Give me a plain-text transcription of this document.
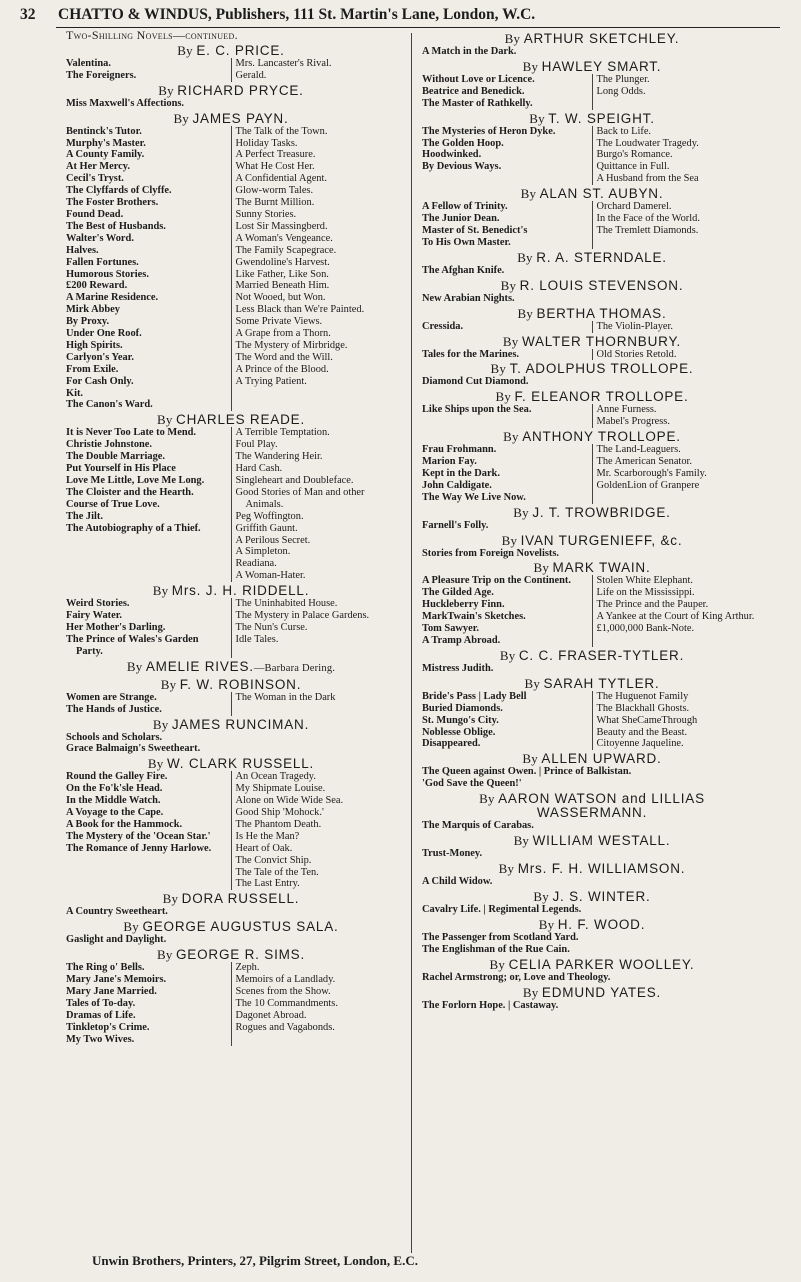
32 CHATTO & WINDUS, Publishers, 111 St. Martin's Lane, London, W.C.
Two-Shilling Novels—continued.
By E. C. PRICE.
Valentina.
The Foreigners.
Mrs. Lancaster's Rival.
Gerald.
By RICHARD PRYCE.
Miss Maxwell's Affections.
By JAMES PAYN.
Bentinck's Tutor.
Murphy's Master.
A County Family.
At Her Mercy.
Cecil's Tryst.
The Clyffards of Clyffe.
The Foster Brothers.
Found Dead.
The Best of Husbands.
Walter's Word.
Halves.
Fallen Fortunes.
Humorous Stories.
£200 Reward.
A Marine Residence.
Mirk Abbey
By Proxy.
Under One Roof.
High Spirits.
Carlyon's Year.
From Exile.
For Cash Only.
Kit.
The Canon's Ward.
The Talk of the Town.
Holiday Tasks.
A Perfect Treasure.
What He Cost Her.
A Confidential Agent.
Glow-worm Tales.
The Burnt Million.
Sunny Stories.
Lost Sir Massingberd.
A Woman's Vengeance.
The Family Scapegrace.
Gwendoline's Harvest.
Like Father, Like Son.
Married Beneath Him.
Not Wooed, but Won.
Less Black than We're Painted.
Some Private Views.
A Grape from a Thorn.
The Mystery of Mirbridge.
The Word and the Will.
A Prince of the Blood.
A Trying Patient.
By CHARLES READE.
It is Never Too Late to Mend.
Christie Johnstone.
The Double Marriage.
Put Yourself in His Place
Love Me Little, Love Me Long.
The Cloister and the Hearth.
Course of True Love.
The Jilt.
The Autobiography of a Thief.
A Terrible Temptation.
Foul Play.
The Wandering Heir.
Hard Cash.
Singleheart and Doubleface.
Good Stories of Man and other Animals.
Peg Woffington.
Griffith Gaunt.
A Perilous Secret.
A Simpleton.
Readiana.
A Woman-Hater.
By Mrs. J. H. RIDDELL.
Weird Stories.
Fairy Water.
Her Mother's Darling.
The Prince of Wales's Garden Party.
The Uninhabited House.
The Mystery in Palace Gardens.
The Nun's Curse.
Idle Tales.
By AMELIE RIVES.—Barbara Dering.
By F. W. ROBINSON.
Women are Strange.
The Hands of Justice.
The Woman in the Dark
By JAMES RUNCIMAN.
Schools and Scholars.
Grace Balmaign's Sweetheart.
By W. CLARK RUSSELL.
Round the Galley Fire.
On the Fo'k'sle Head.
In the Middle Watch.
A Voyage to the Cape.
A Book for the Hammock.
The Mystery of the 'Ocean Star.'
The Romance of Jenny Harlowe.
An Ocean Tragedy.
My Shipmate Louise.
Alone on Wide Wide Sea.
Good Ship 'Mohock.'
The Phantom Death.
Is He the Man?
Heart of Oak.
The Convict Ship.
The Tale of the Ten.
The Last Entry.
By DORA RUSSELL.
A Country Sweetheart.
By GEORGE AUGUSTUS SALA.
Gaslight and Daylight.
By GEORGE R. SIMS.
The Ring o' Bells.
Mary Jane's Memoirs.
Mary Jane Married.
Tales of To-day.
Dramas of Life.
Tinkletop's Crime.
My Two Wives.
Zeph.
Memoirs of a Landlady.
Scenes from the Show.
The 10 Commandments.
Dagonet Abroad.
Rogues and Vagabonds.
By ARTHUR SKETCHLEY.
A Match in the Dark.
By HAWLEY SMART.
Without Love or Licence.
Beatrice and Benedick.
The Master of Rathkelly.
The Plunger.
Long Odds.
By T. W. SPEIGHT.
The Mysteries of Heron Dyke.
The Golden Hoop.
Hoodwinked.
By Devious Ways.
Back to Life.
The Loudwater Tragedy.
Burgo's Romance.
Quittance in Full.
A Husband from the Sea
By ALAN ST. AUBYN.
A Fellow of Trinity.
The Junior Dean.
Master of St. Benedict's
To His Own Master.
Orchard Damerel.
In the Face of the World.
The Tremlett Diamonds.
By R. A. STERNDALE.
The Afghan Knife.
By R. LOUIS STEVENSON.
New Arabian Nights.
By BERTHA THOMAS.
Cressida.	The Violin-Player.
By WALTER THORNBURY.
Tales for the Marines.	Old Stories Retold.
By T. ADOLPHUS TROLLOPE.
Diamond Cut Diamond.
By F. ELEANOR TROLLOPE.
Like Ships upon the Sea.	Anne Furness.
Mabel's Progress.
By ANTHONY TROLLOPE.
Frau Frohmann.
Marion Fay.
Kept in the Dark.
John Caldigate.
The Way We Live Now.
The Land-Leaguers.
The American Senator.
Mr. Scarborough's Family.
GoldenLion of Granpere
By J. T. TROWBRIDGE.
Farnell's Folly.
By IVAN TURGENIEFF, &c.
Stories from Foreign Novelists.
By MARK TWAIN.
A Pleasure Trip on the Continent.
The Gilded Age.
Huckleberry Finn.
MarkTwain's Sketches.
Tom Sawyer.
A Tramp Abroad.
Stolen White Elephant.
Life on the Mississippi.
The Prince and the Pauper.
A Yankee at the Court of King Arthur.
£1,000,000 Bank-Note.
By C. C. FRASER-TYTLER.
Mistress Judith.
By SARAH TYTLER.
Bride's Pass | Lady Bell
Buried Diamonds.
St. Mungo's City.
Noblesse Oblige.
Disappeared.
The Huguenot Family
The Blackhall Ghosts.
What SheCameThrough
Beauty and the Beast.
Citoyenne Jaqueline.
By ALLEN UPWARD.
The Queen against Owen. | Prince of Balkistan.
'God Save the Queen!'
By AARON WATSON and LILLIAS WASSERMANN.
The Marquis of Carabas.
By WILLIAM WESTALL.
Trust-Money.
By Mrs. F. H. WILLIAMSON.
A Child Widow.
By J. S. WINTER.
Cavalry Life. | Regimental Legends.
By H. F. WOOD.
The Passenger from Scotland Yard.
The Englishman of the Rue Cain.
By CELIA PARKER WOOLLEY.
Rachel Armstrong; or, Love and Theology.
By EDMUND YATES.
The Forlorn Hope. | Castaway.
Unwin Brothers, Printers, 27, Pilgrim Street, London, E.C.
